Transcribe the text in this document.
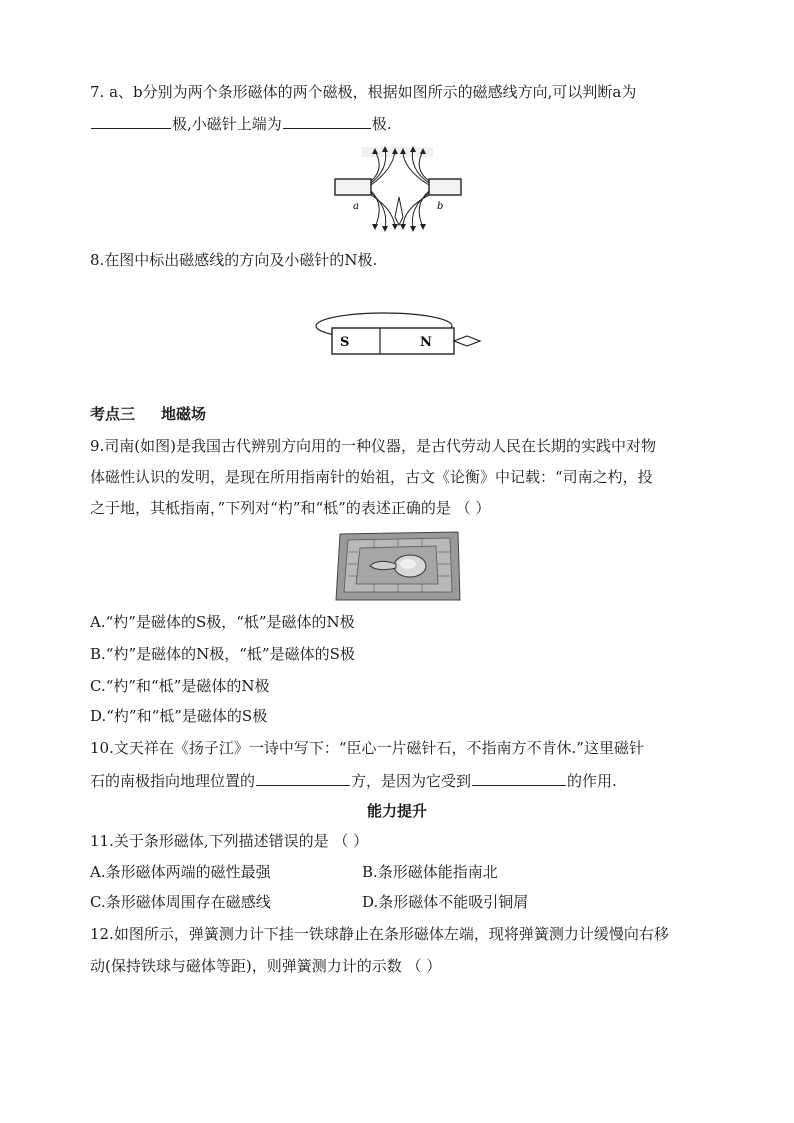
7. a、b分别为两个条形磁体的两个磁极，根据如图所示的磁感线方向,可以判断a为
极,小磁针上端为	极.
a	b
8.在图中标出磁感线的方向及小磁针的N极.
S	N
考点三 地磁场
9.司南(如图)是我国古代辨别方向用的一种仪器，是古代劳动人民在长期的实践中对物
体磁性认识的发明，是现在所用指南针的始祖，古文《论衡》中记载：“司南之杓，投
之于地，其柢指南，”下列对“杓”和“柢”的表述正确的是 （ ）
A.“杓”是磁体的S极，“柢”是磁体的N极
B.“杓”是磁体的N极，“柢”是磁体的S极
C.“杓”和“柢”是磁体的N极
D.“杓”和“柢”是磁体的S极
10.文天祥在《扬子江》一诗中写下：“臣心一片磁针石，不指南方不肯休.”这里磁针
石的南极指向地理位置的	方，是因为它受到	的作用.
能力提升
11.关于条形磁体,下列描述错误的是 （ ）
A.条形磁体两端的磁性最强	B.条形磁体能指南北
C.条形磁体周围存在磁感线	D.条形磁体不能吸引铜屑
12.如图所示，弹簧测力计下挂一铁球静止在条形磁体左端，现将弹簧测力计缓慢向右移
动(保持铁球与磁体等距)，则弹簧测力计的示数 （ ）
